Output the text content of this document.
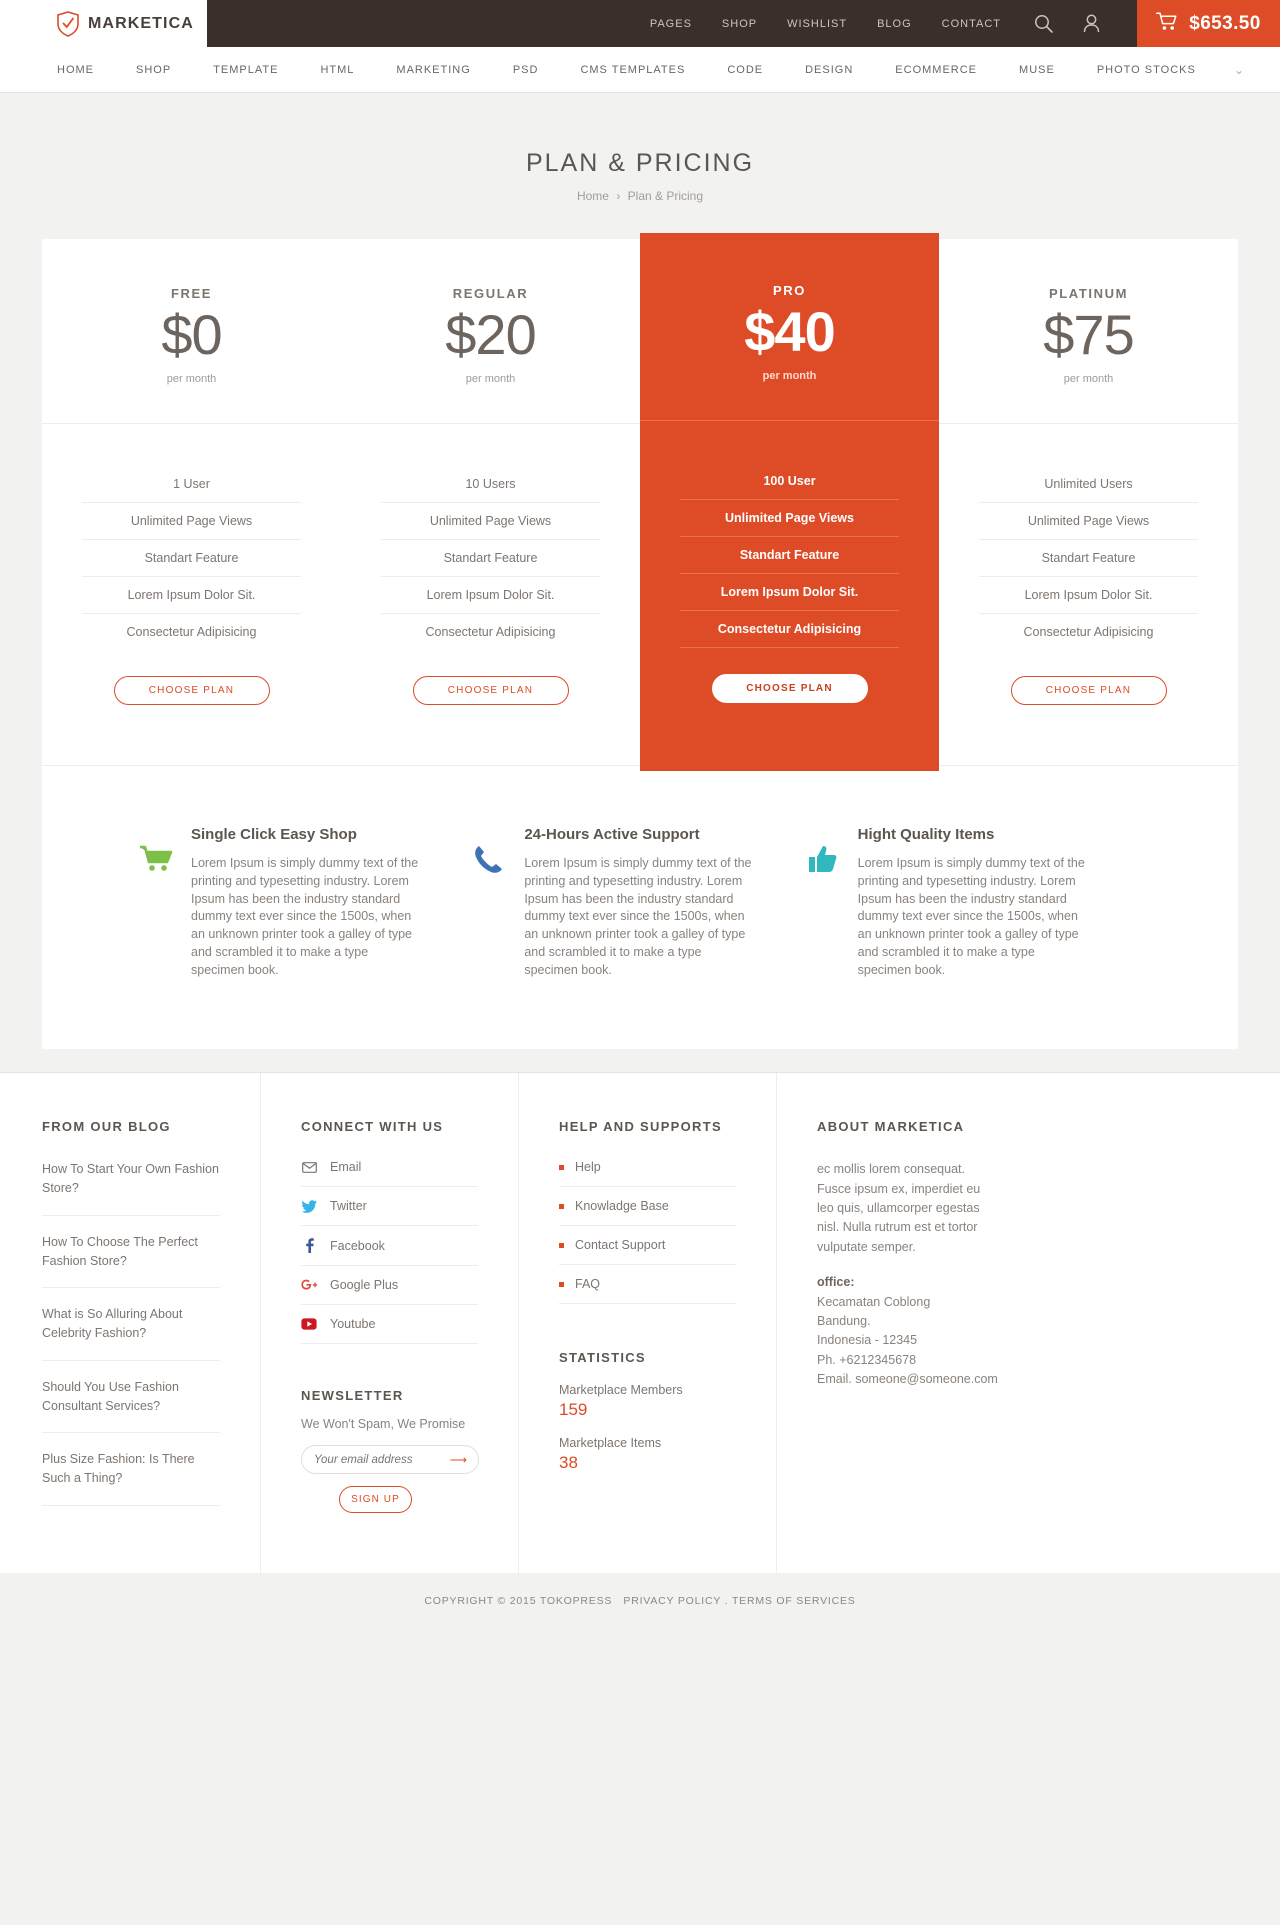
MARKETICA	PAGES	SHOP	WISHLIST	BLOG	CONTACT	$653.50
HOME	SHOP	TEMPLATE	HTML	MARKETING	PSD	CMS TEMPLATES	CODE	DESIGN	ECOMMERCE	MUSE	PHOTO STOCKS	⌄
PLAN & PRICING
Home › Plan & Pricing
FREE
$0
per month
1 User
Unlimited Page Views
Standart Feature
Lorem Ipsum Dolor Sit.
Consectetur Adipisicing
CHOOSE PLAN
REGULAR
$20
per month
10 Users
Unlimited Page Views
Standart Feature
Lorem Ipsum Dolor Sit.
Consectetur Adipisicing
CHOOSE PLAN
PRO
$40
per month
100 User
Unlimited Page Views
Standart Feature
Lorem Ipsum Dolor Sit.
Consectetur Adipisicing
CHOOSE PLAN
PLATINUM
$75
per month
Unlimited Users
Unlimited Page Views
Standart Feature
Lorem Ipsum Dolor Sit.
Consectetur Adipisicing
CHOOSE PLAN
Single Click Easy Shop

Lorem Ipsum is simply dummy text of the printing and typesetting industry. Lorem Ipsum has been the industry standard dummy text ever since the 1500s, when an unknown printer took a galley of type and scrambled it to make a type specimen book.

24-Hours Active Support

Lorem Ipsum is simply dummy text of the printing and typesetting industry. Lorem Ipsum has been the industry standard dummy text ever since the 1500s, when an unknown printer took a galley of type and scrambled it to make a type specimen book.

Hight Quality Items

Lorem Ipsum is simply dummy text of the printing and typesetting industry. Lorem Ipsum has been the industry standard dummy text ever since the 1500s, when an unknown printer took a galley of type and scrambled it to make a type specimen book.

FROM OUR BLOG
How To Start Your Own Fashion Store?
How To Choose The Perfect Fashion Store?
What is So Alluring About Celebrity Fashion?
Should You Use Fashion Consultant Services?
Plus Size Fashion: Is There Such a Thing?
CONNECT WITH US
Email
Twitter
Facebook
Google Plus
Youtube
NEWSLETTER
We Won't Spam, We Promise
Your email address
⟶
SIGN UP
HELP AND SUPPORTS
Help
Knowladge Base
Contact Support
FAQ
STATISTICS
Marketplace Members
159
Marketplace Items
38
ABOUT MARKETICA

ec mollis lorem consequat. Fusce ipsum ex, imperdiet eu leo quis, ullamcorper egestas nisl. Nulla rutrum est et tortor vulputate semper.

office:
Kecamatan Coblong
Bandung.
Indonesia - 12345
Ph. +6212345678
Email. someone@someone.com
COPYRIGHT © 2015 TOKOPRESS PRIVACY POLICY . TERMS OF SERVICES
